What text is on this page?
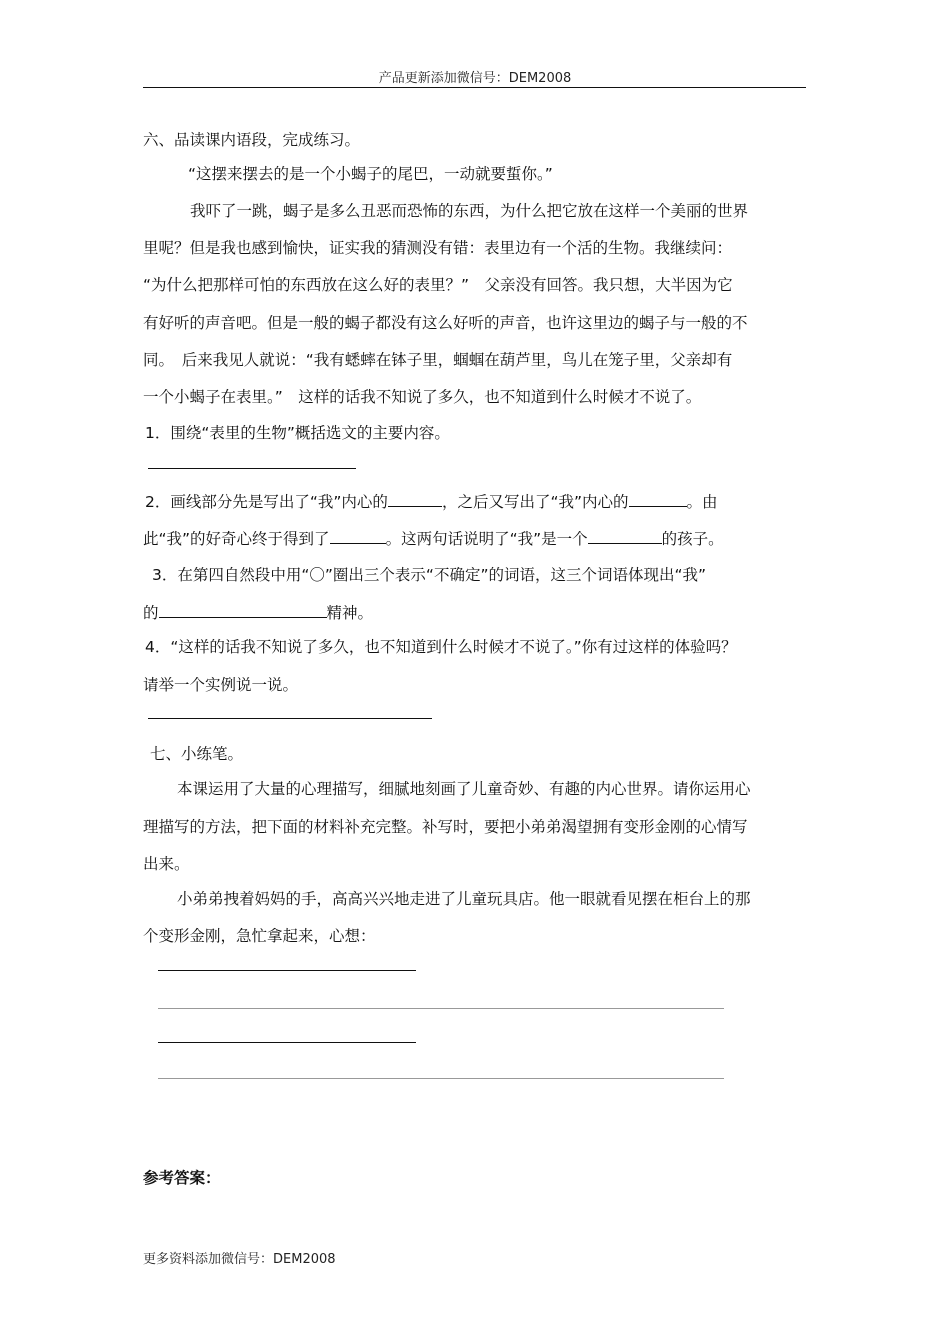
产品更新添加微信号：DEM2008
六、品读课内语段，完成练习。
“这摆来摆去的是一个小蝎子的尾巴，一动就要蜇你。”
我吓了一跳，蝎子是多么丑恶而恐怖的东西，为什么把它放在这样一个美丽的世界
里呢？但是我也感到愉快，证实我的猜测没有错：表里边有一个活的生物。我继续问：
“为什么把那样可怕的东西放在这么好的表里？”　父亲没有回答。我只想，大半因为它
有好听的声音吧。但是一般的蝎子都没有这么好听的声音，也许这里边的蝎子与一般的不
同。　后来我见人就说：“我有蟋蟀在钵子里，蝈蝈在葫芦里，鸟儿在笼子里，父亲却有
一个小蝎子在表里。”　这样的话我不知说了多久，也不知道到什么时候才不说了。
1．围绕“表里的生物”概括选文的主要内容。
2．画线部分先是写出了“我”内心的	，之后又写出了“我”内心的	。由
此“我”的好奇心终于得到了	。这两句话说明了“我”是一个	的孩子。
3．在第四自然段中用“〇”圈出三个表示“不确定”的词语，这三个词语体现出“我”
的	精神。
4．“这样的话我不知说了多久，也不知道到什么时候才不说了。”你有过这样的体验吗？
请举一个实例说一说。
七、小练笔。
本课运用了大量的心理描写，细腻地刻画了儿童奇妙、有趣的内心世界。请你运用心
理描写的方法，把下面的材料补充完整。补写时，要把小弟弟渴望拥有变形金刚的心情写
出来。
小弟弟拽着妈妈的手，高高兴兴地走进了儿童玩具店。他一眼就看见摆在柜台上的那
个变形金刚，急忙拿起来，心想：
参考答案：
更多资料添加微信号：DEM2008
